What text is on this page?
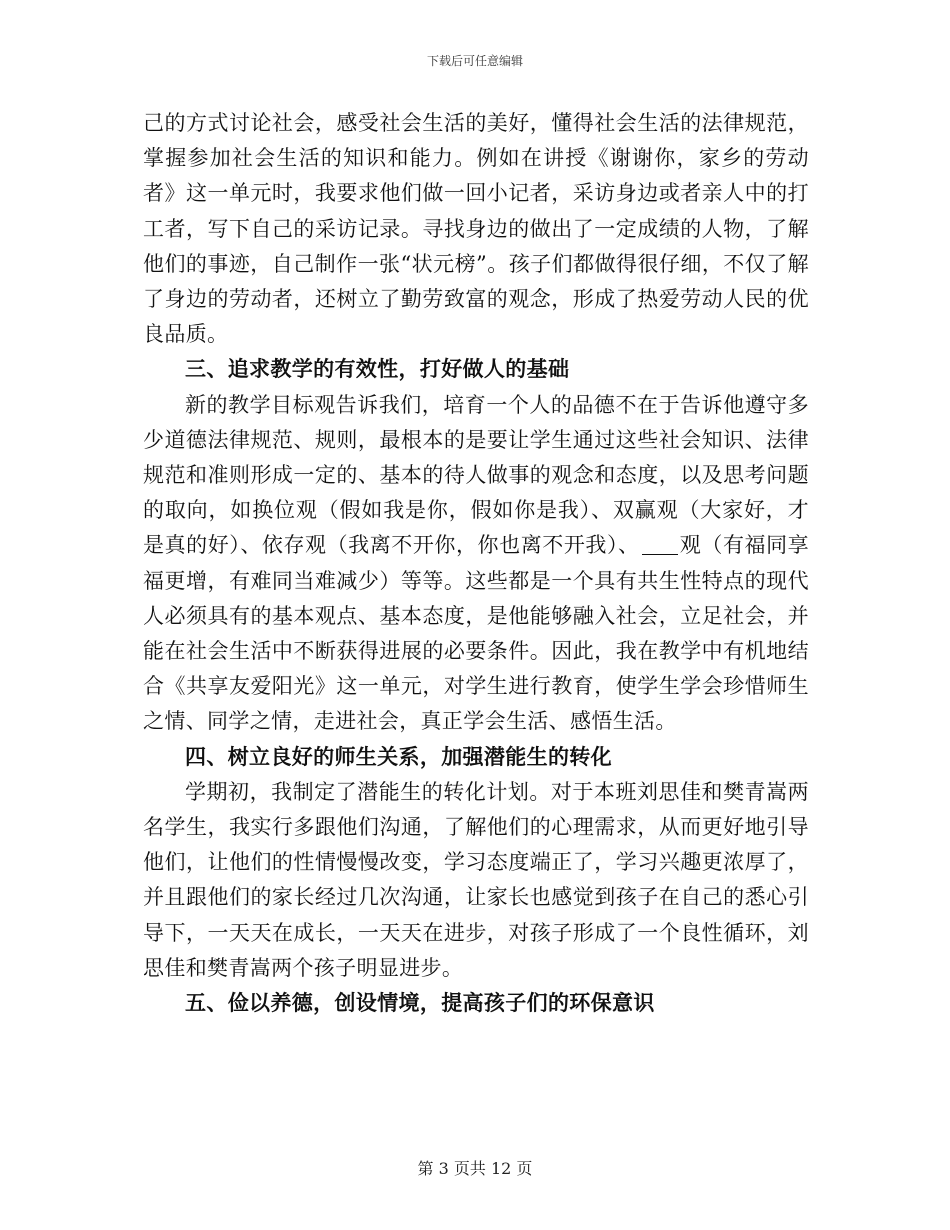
下载后可任意编辑

己的方式讨论社会，感受社会生活的美好，懂得社会生活的法律规范，掌握参加社会生活的知识和能力。例如在讲授《谢谢你，家乡的劳动者》这一单元时，我要求他们做一回小记者，采访身边或者亲人中的打工者，写下自己的采访记录。寻找身边的做出了一定成绩的人物，了解他们的事迹，自己制作一张“状元榜”。孩子们都做得很仔细，不仅了解了身边的劳动者，还树立了勤劳致富的观念，形成了热爱劳动人民的优良品质。

三、追求教学的有效性，打好做人的基础

新的教学目标观告诉我们，培育一个人的品德不在于告诉他遵守多少道德法律规范、规则，最根本的是要让学生通过这些社会知识、法律规范和准则形成一定的、基本的待人做事的观念和态度，以及思考问题的取向，如换位观（假如我是你，假如你是我）、双赢观（大家好，才是真的好）、依存观（我离不开你，你也离不开我）、 观（有福同享福更增，有难同当难减少）等等。这些都是一个具有共生性特点的现代人必须具有的基本观点、基本态度，是他能够融入社会，立足社会，并能在社会生活中不断获得进展的必要条件。因此，我在教学中有机地结合《共享友爱阳光》这一单元，对学生进行教育，使学生学会珍惜师生之情、同学之情，走进社会，真正学会生活、感悟生活。

四、树立良好的师生关系，加强潜能生的转化

学期初，我制定了潜能生的转化计划。对于本班刘思佳和樊青嵩两名学生，我实行多跟他们沟通，了解他们的心理需求，从而更好地引导他们，让他们的性情慢慢改变，学习态度端正了，学习兴趣更浓厚了，并且跟他们的家长经过几次沟通，让家长也感觉到孩子在自己的悉心引导下，一天天在成长，一天天在进步，对孩子形成了一个良性循环，刘思佳和樊青嵩两个孩子明显进步。

五、俭以养德，创设情境，提高孩子们的环保意识
第 3 页共 12 页
